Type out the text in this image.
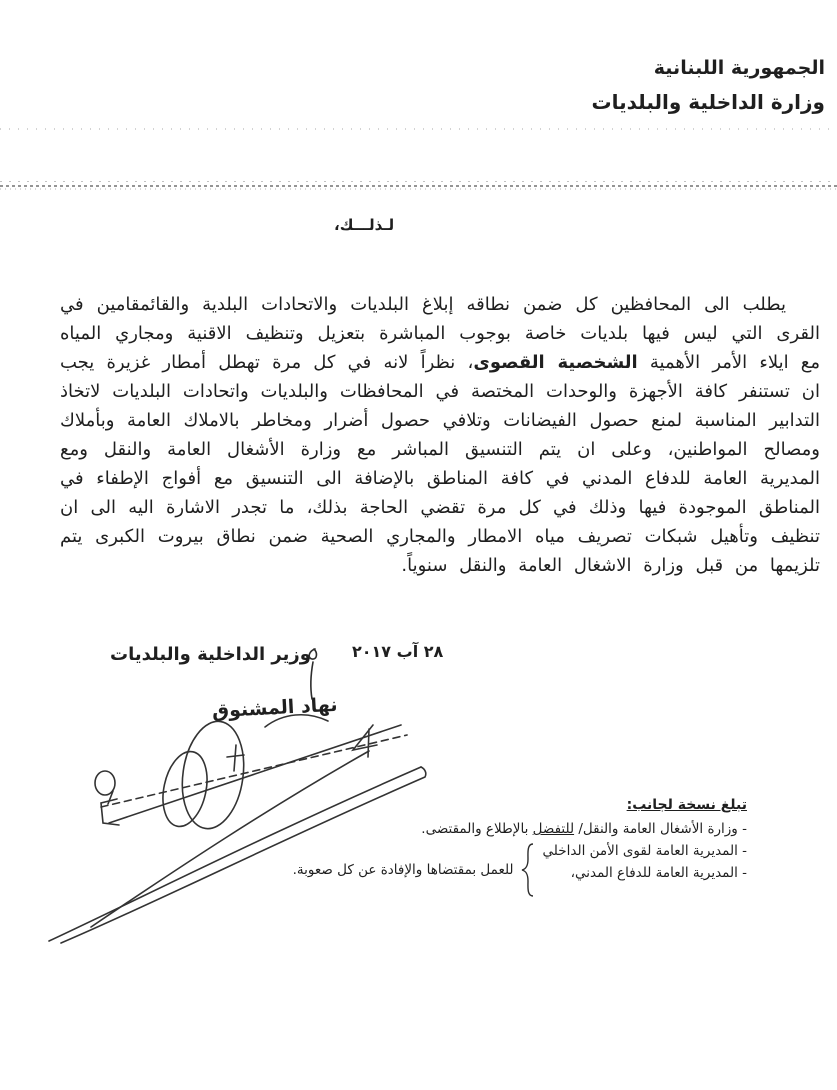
الجمهورية اللبنانية
وزارة الداخلية والبلديات
لـذلـــك،
يطلب الى المحافظين كل ضمن نطاقه إبلاغ البلديات والاتحادات البلدية والقائمقامين في القرى التي ليس فيها بلديات خاصة بوجوب المباشرة بتعزيل وتنظيف الاقنية ومجاري المياه مع ايلاء الأمر الأهمية الشخصية القصوى، نظراً لانه في كل مرة تهطل أمطار غزيرة يجب ان تستنفر كافة الأجهزة والوحدات المختصة في المحافظات والبلديات واتحادات البلديات لاتخاذ التدابير المناسبة لمنع حصول الفيضانات وتلافي حصول أضرار ومخاطر بالاملاك العامة وبأملاك ومصالح المواطنين، وعلى ان يتم التنسيق المباشر مع وزارة الأشغال العامة والنقل ومع المديرية العامة للدفاع المدني في كافة المناطق بالإضافة الى التنسيق مع أفواج الإطفاء في المناطق الموجودة فيها وذلك في كل مرة تقضي الحاجة بذلك، ما تجدر الاشارة اليه الى ان تنظيف وتأهيل شبكات تصريف مياه الامطار والمجاري الصحية ضمن نطاق بيروت الكبرى يتم تلزيمها من قبل وزارة الاشغال العامة والنقل سنوياً.
٢٨ آب ٢٠١٧
وزير الداخلية والبلديات
نهاد المشنوق
تبلغ نسخة لجانب:
- وزارة الأشغال العامة والنقل/ للتفضل بالإطلاع والمقتضى.
- المديرية العامة لقوى الأمن الداخلي
- المديرية العامة للدفاع المدني،
للعمل بمقتضاها والإفادة عن كل صعوبة.
